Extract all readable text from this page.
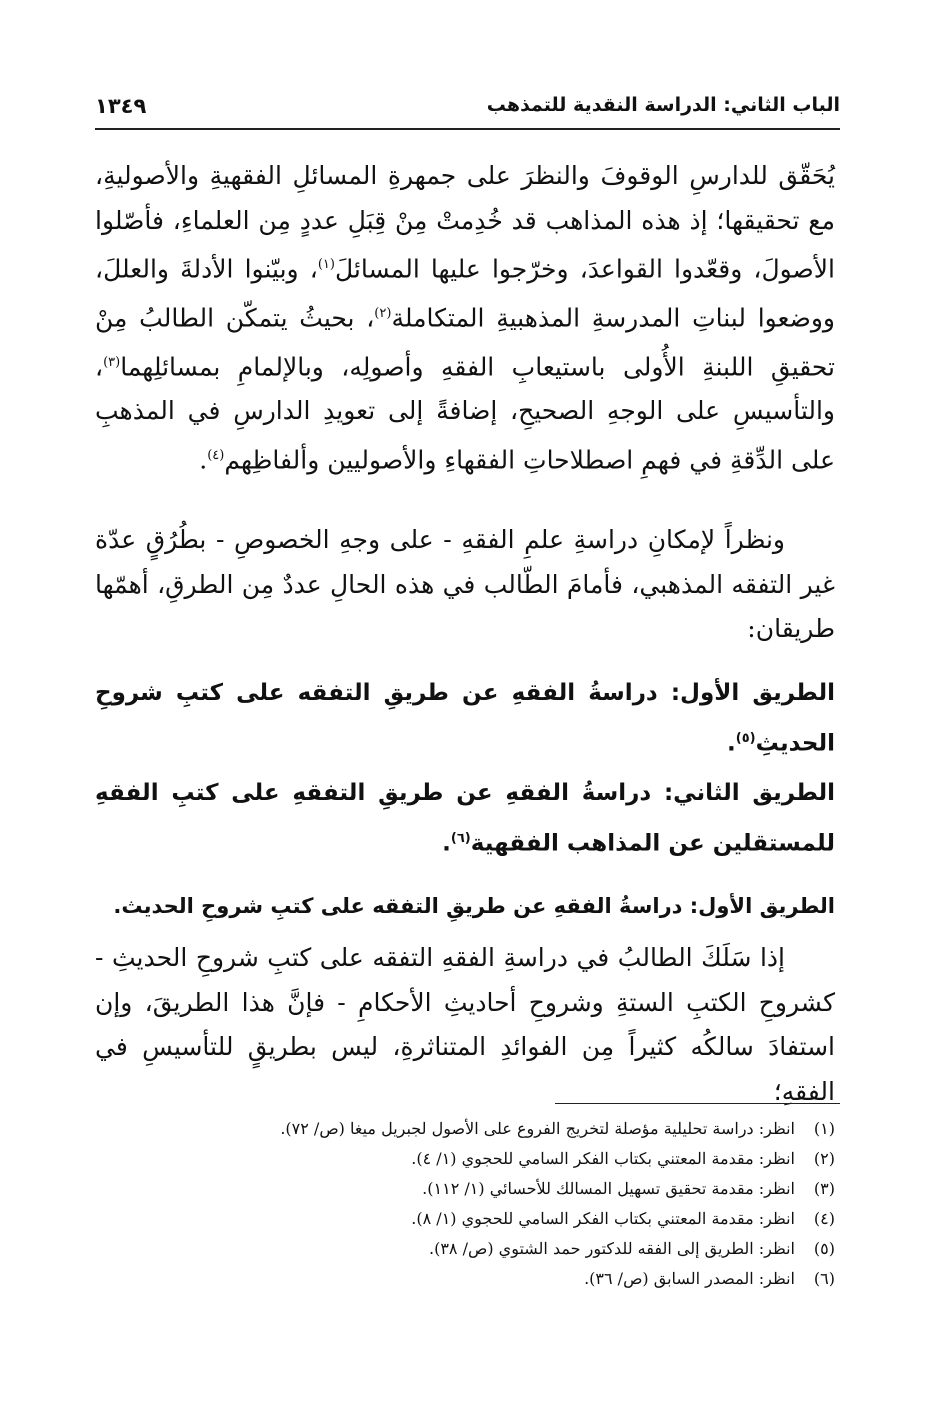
الباب الثاني: الدراسة النقدية للتمذهب
١٣٤٩

يُحَقّق للدارسِ الوقوفَ والنظرَ على جمهرةِ المسائلِ الفقهيةِ والأصوليةِ، مع تحقيقها؛ إذ هذه المذاهب قد خُدِمتْ مِنْ قِبَلِ عددٍ مِن العلماءِ، فأصّلوا الأصولَ، وقعّدوا القواعدَ، وخرّجوا عليها المسائلَ$^{(١)}$، وبيّنوا الأدلةَ والعللَ، ووضعوا لبناتِ المدرسةِ المذهبيةِ المتكاملة$^{(٢)}$، بحيثُ يتمكّن الطالبُ مِنْ تحقيقِ اللبنةِ الأُولى باستيعابِ الفقهِ وأصولِه، وبالإلمامِ بمسائلِهما$^{(٣)}$، والتأسيسِ على الوجهِ الصحيحِ، إضافةً إلى تعويدِ الدارسِ في المذهبِ على الدِّقةِ في فهمِ اصطلاحاتِ الفقهاءِ والأصوليين وألفاظِهم$^{(٤)}$.

ونظراً لإمكانِ دراسةِ علمِ الفقهِ - على وجهِ الخصوصِ - بطُرُقٍ عدّة غير التفقه المذهبي، فأمامَ الطّالب في هذه الحالِ عددٌ مِن الطرقِ، أهمّها طريقان:

الطريق الأول: دراسةُ الفقهِ عن طريقِ التفقه على كتبِ شروحِ الحديثِ$^{(٥)}$.

الطريق الثاني: دراسةُ الفقهِ عن طريقِ التفقهِ على كتبِ الفقهِ للمستقلين عن المذاهب الفقهية$^{(٦)}$.

الطريق الأول: دراسةُ الفقهِ عن طريقِ التفقه على كتبِ شروحِ الحديث.

إذا سَلَكَ الطالبُ في دراسةِ الفقهِ التفقه على كتبِ شروحِ الحديثِ - كشروحِ الكتبِ الستةِ وشروحِ أحاديثِ الأحكامِ - فإنَّ هذا الطريقَ، وإن استفادَ سالكُه كثيراً مِن الفوائدِ المتناثرةِ، ليس بطريقٍ للتأسيسِ في الفقهِ؛

(١)انظر: دراسة تحليلية مؤصلة لتخريج الفروع على الأصول لجبريل ميغا (ص/ ٧٢).
(٢)انظر: مقدمة المعتني بكتاب الفكر السامي للحجوي (١/ ٤).
(٣)انظر: مقدمة تحقيق تسهيل المسالك للأحسائي (١/ ١١٢).
(٤)انظر: مقدمة المعتني بكتاب الفكر السامي للحجوي (١/ ٨).
(٥)انظر: الطريق إلى الفقه للدكتور حمد الشتوي (ص/ ٣٨).
(٦)انظر: المصدر السابق (ص/ ٣٦).
